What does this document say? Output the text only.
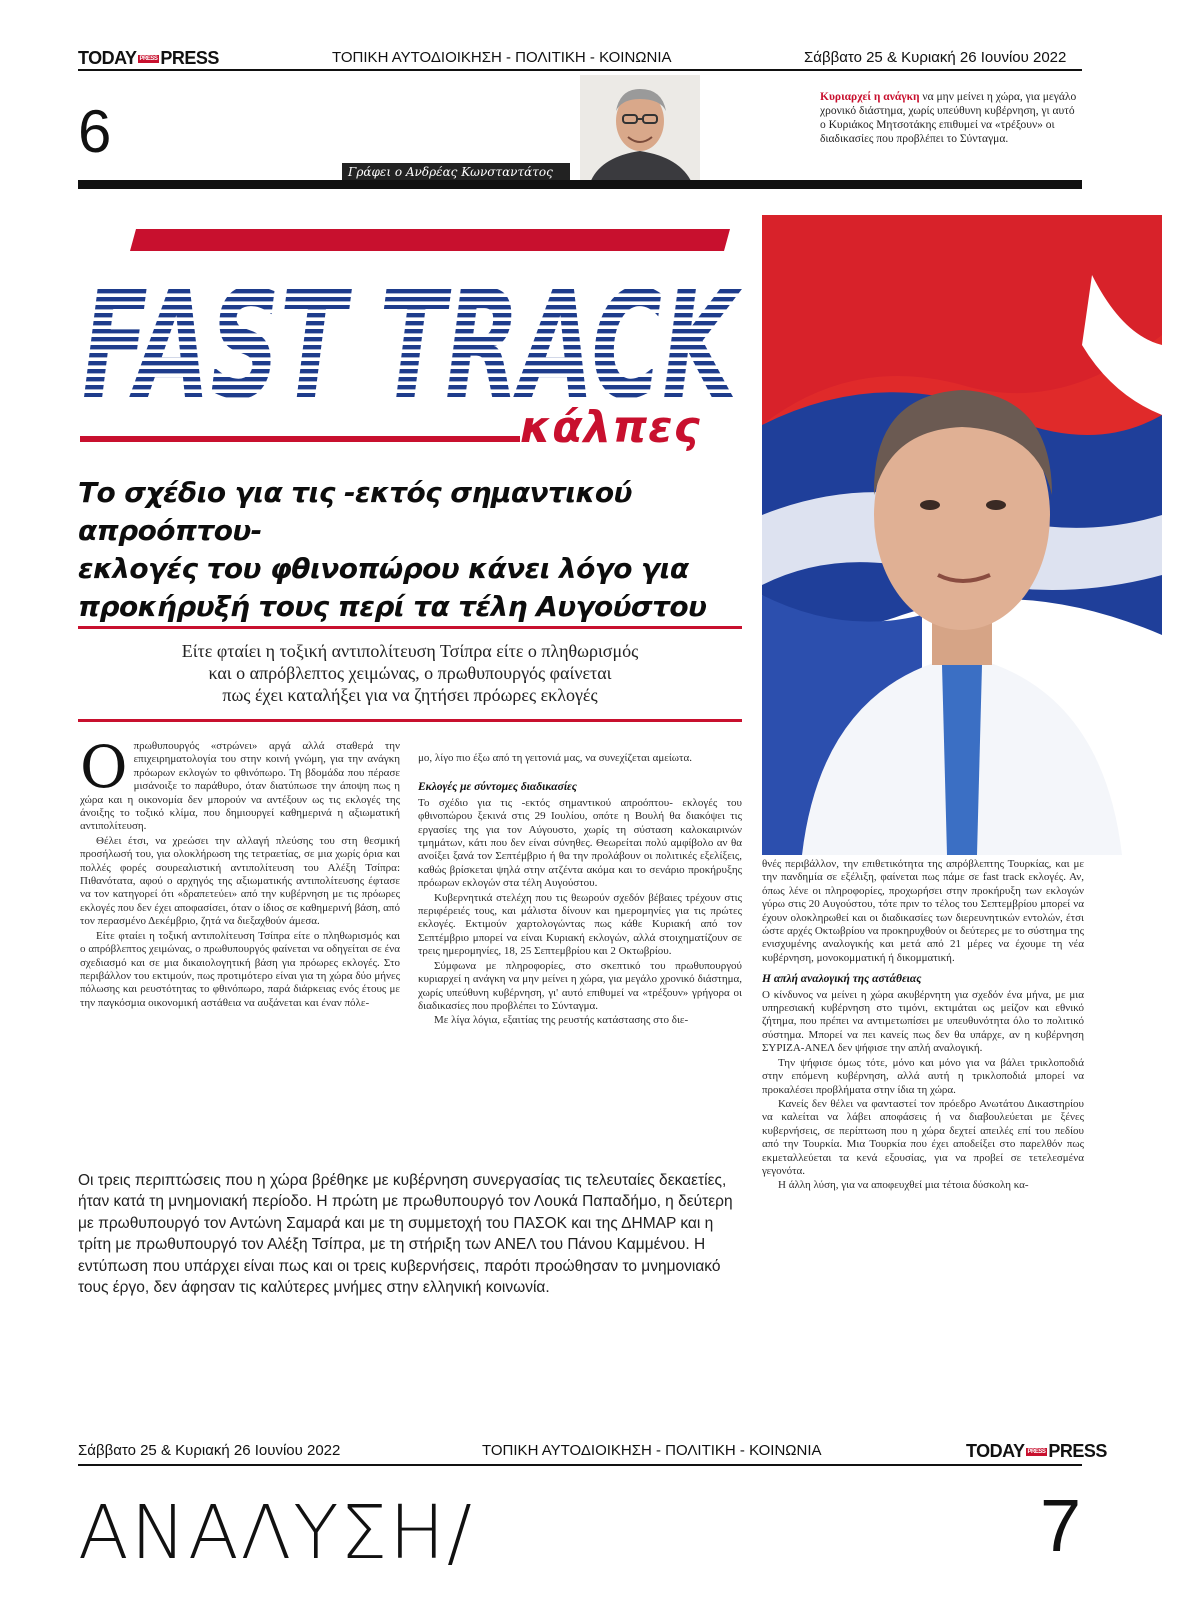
TODAY PRESS PRESS	ΤΟΠΙΚΗ ΑΥΤΟΔΙΟΙΚΗΣΗ - ΠΟΛΙΤΙΚΗ - ΚΟΙΝΩΝΙΑ	Σάββατο 25 & Κυριακή 26 Ιουνίου 2022
6
Γράφει ο Ανδρέας Κωνσταντάτος
Κυριαρχεί η ανάγκη να μην μείνει η χώρα, για μεγάλο χρονικό διάστημα, χωρίς υπεύθυνη κυβέρνηση, γι αυτό ο Κυριάκος Μητσοτάκης επιθυμεί να «τρέξουν» οι διαδικασίες που προβλέπει το Σύνταγμα.
FAST TRACK
κάλπες
Το σχέδιο για τις -εκτός σημαντικού απροόπτου-
εκλογές του φθινοπώρου κάνει λόγο για
προκήρυξή τους περί τα τέλη Αυγούστου
Είτε φταίει η τοξική αντιπολίτευση Τσίπρα είτε ο πληθωρισμός
και ο απρόβλεπτος χειμώνας, ο πρωθυπουργός φαίνεται
πως έχει καταλήξει για να ζητήσει πρόωρες εκλογές
Ο πρωθυπουργός «στρώνει» αργά αλλά σταθερά την επιχειρηματολογία του στην κοινή γνώμη, για την ανάγκη πρόωρων εκλογών το φθινόπωρο. Τη βδομάδα που πέρασε μισάνοιξε το παράθυρο, όταν διατύπωσε την άποψη πως η χώρα και η οικονομία δεν μπορούν να αντέξουν ως τις εκλογές της άνοιξης το τοξικό κλίμα, που δημιουργεί καθημερινά η αξιωματική αντιπολίτευση.

Θέλει έτσι, να χρεώσει την αλλαγή πλεύσης του στη θεσμική προσήλωσή του, για ολοκλήρωση της τετραετίας, σε μια χωρίς όρια και πολλές φορές σουρεαλιστική αντιπολίτευση του Αλέξη Τσίπρα: Πιθανότατα, αφού ο αρχηγός της αξιωματικής αντιπολίτευσης έφτασε να τον κατηγορεί ότι «δραπετεύει» από την κυβέρνηση με τις πρόωρες εκλογές που δεν έχει αποφασίσει, όταν ο ίδιος σε καθημερινή βάση, από τον περασμένο Δεκέμβριο, ζητά να διεξαχθούν άμεσα.

Είτε φταίει η τοξική αντιπολίτευση Τσίπρα είτε ο πληθωρισμός και ο απρόβλεπτος χειμώνας, ο πρωθυπουργός φαίνεται να οδηγείται σε ένα σχεδιασμό και σε μια δικαιολογητική βάση για πρόωρες εκλογές. Στο περιβάλλον του εκτιμούν, πως προτιμότερο είναι για τη χώρα δύο μήνες πόλωσης και ρευστότητας το φθινόπωρο, παρά διάρκειας ενός έτους με την παγκόσμια οικονομική αστάθεια να αυξάνεται και έναν πόλε-

μο, λίγο πιο έξω από τη γειτονιά μας, να συνεχίζεται αμείωτα.

Εκλογές με σύντομες διαδικασίες

Το σχέδιο για τις -εκτός σημαντικού απροόπτου- εκλογές του φθινοπώρου ξεκινά στις 29 Ιουλίου, οπότε η Βουλή θα διακόψει τις εργασίες της για τον Αύγουστο, χωρίς τη σύσταση καλοκαιρινών τμημάτων, κάτι που δεν είναι σύνηθες. Θεωρείται πολύ αμφίβολο αν θα ανοίξει ξανά τον Σεπτέμβριο ή θα την προλάβουν οι πολιτικές εξελίξεις, καθώς βρίσκεται ψηλά στην ατζέντα ακόμα και το σενάριο προκήρυξης πρόωρων εκλογών στα τέλη Αυγούστου.

Κυβερνητικά στελέχη που τις θεωρούν σχεδόν βέβαιες τρέχουν στις περιφέρειές τους, και μάλιστα δίνουν και ημερομηνίες για τις πρώτες εκλογές. Εκτιμούν χαρτολογώντας πως κάθε Κυριακή από τον Σεπτέμβριο μπορεί να είναι Κυριακή εκλογών, αλλά στοιχηματίζουν σε τρεις ημερομηνίες, 18, 25 Σεπτεμβρίου και 2 Οκτωβρίου.

Σύμφωνα με πληροφορίες, στο σκεπτικό του πρωθυπουργού κυριαρχεί η ανάγκη να μην μείνει η χώρα, για μεγάλο χρονικό διάστημα, χωρίς υπεύθυνη κυβέρνηση, γι' αυτό επιθυμεί να «τρέξουν» γρήγορα οι διαδικασίες που προβλέπει το Σύνταγμα.

Με λίγα λόγια, εξαιτίας της ρευστής κατάστασης στο διε-

θνές περιβάλλον, την επιθετικότητα της απρόβλεπτης Τουρκίας, και με την πανδημία σε εξέλιξη, φαίνεται πως πάμε σε fast track εκλογές. Αν, όπως λένε οι πληροφορίες, προχωρήσει στην προκήρυξη των εκλογών γύρω στις 20 Αυγούστου, τότε πριν το τέλος του Σεπτεμβρίου μπορεί να έχουν ολοκληρωθεί και οι διαδικασίες των διερευνητικών εντολών, έτσι ώστε αρχές Οκτωβρίου να προκηρυχθούν οι δεύτερες με το σύστημα της ενισχυμένης αναλογικής και μετά από 21 μέρες να έχουμε τη νέα κυβέρνηση, μονοκομματική ή δικομματική.

Η απλή αναλογική της αστάθειας

Ο κίνδυνος να μείνει η χώρα ακυβέρνητη για σχεδόν ένα μήνα, με μια υπηρεσιακή κυβέρνηση στο τιμόνι, εκτιμάται ως μείζον και εθνικό ζήτημα, που πρέπει να αντιμετωπίσει με υπευθυνότητα όλο το πολιτικό σύστημα. Μπορεί να πει κανείς πως δεν θα υπάρχε, αν η κυβέρνηση ΣΥΡΙΖΑ-ΑΝΕΛ δεν ψήφισε την απλή αναλογική.

Την ψήφισε όμως τότε, μόνο και μόνο για να βάλει τρικλοποδιά στην επόμενη κυβέρνηση, αλλά αυτή η τρικλοποδιά μπορεί να προκαλέσει προβλήματα στην ίδια τη χώρα.

Κανείς δεν θέλει να φανταστεί τον πρόεδρο Ανωτάτου Δικαστηρίου να καλείται να λάβει αποφάσεις ή να διαβουλεύεται με ξένες κυβερνήσεις, σε περίπτωση που η χώρα δεχτεί απειλές επί του πεδίου από την Τουρκία. Μια Τουρκία που έχει αποδείξει στο παρελθόν πως εκμεταλλεύεται τα κενά εξουσίας, για να προβεί σε τετελεσμένα γεγονότα.

Η άλλη λύση, για να αποφευχθεί μια τέτοια δύσκολη κα-

Οι τρεις περιπτώσεις που η χώρα βρέθηκε με κυβέρνηση συνεργασίας τις τελευταίες δεκαετίες, ήταν κατά τη μνημονιακή περίοδο. Η πρώτη με πρωθυπουργό τον Λουκά Παπαδήμο, η δεύτερη με πρωθυπουργό τον Αντώνη Σαμαρά και με τη συμμετοχή του ΠΑΣΟΚ και της ΔΗΜΑΡ και η τρίτη με πρωθυπουργό τον Αλέξη Τσίπρα, με τη στήριξη των ΑΝΕΛ του Πάνου Καμμένου. Η εντύπωση που υπάρχει είναι πως και οι τρεις κυβερνήσεις, παρότι προώθησαν το μνημονιακό τους έργο, δεν άφησαν τις καλύτερες μνήμες στην ελληνική κοινωνία.
Σάββατο 25 & Κυριακή 26 Ιουνίου 2022	ΤΟΠΙΚΗ ΑΥΤΟΔΙΟΙΚΗΣΗ - ΠΟΛΙΤΙΚΗ - ΚΟΙΝΩΝΙΑ	TODAY PRESS PRESS
ΑΝΑΛΥΣΗ/	7
